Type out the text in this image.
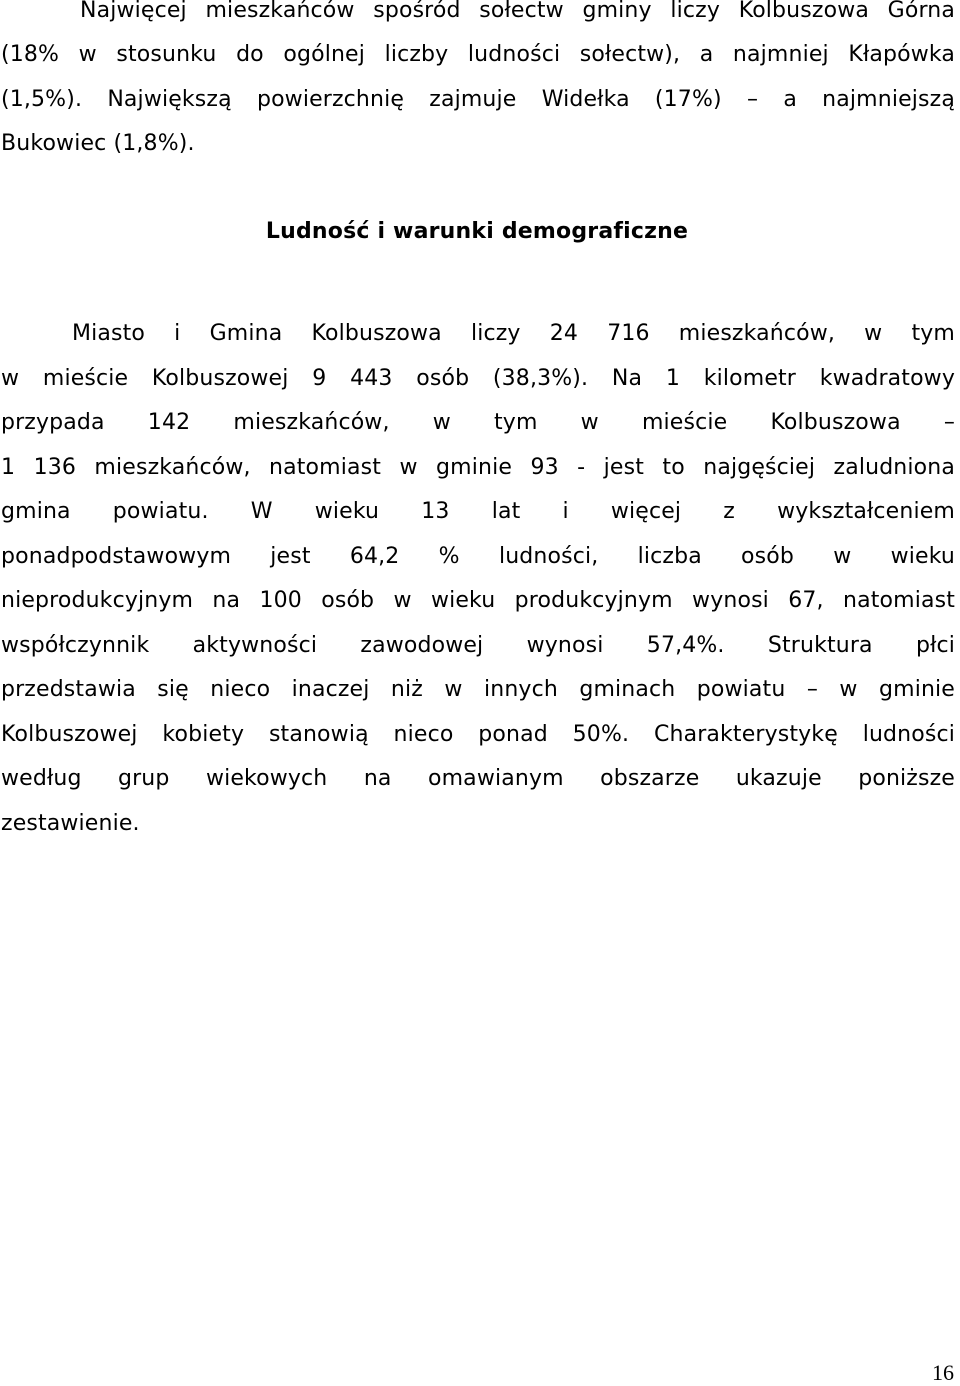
Najwięcej mieszkańców spośród sołectw gminy liczy Kolbuszowa Górna
(18% w stosunku do ogólnej liczby ludności sołectw), a najmniej Kłapówka
(1,5%). Największą powierzchnię zajmuje Widełka (17%) – a najmniejszą
Bukowiec (1,8%).
Ludność i warunki demograficzne
Miasto i Gmina Kolbuszowa liczy 24 716 mieszkańców, w tym
w mieście Kolbuszowej 9 443 osób (38,3%). Na 1 kilometr kwadratowy
przypada 142 mieszkańców, w tym w mieście Kolbuszowa –
1 136 mieszkańców, natomiast w gminie 93 - jest to najgęściej zaludniona
gmina powiatu. W wieku 13 lat i więcej z wykształceniem
ponadpodstawowym jest 64,2 % ludności, liczba osób w wieku
nieprodukcyjnym na 100 osób w wieku produkcyjnym wynosi 67, natomiast
współczynnik aktywności zawodowej wynosi 57,4%. Struktura płci
przedstawia się nieco inaczej niż w innych gminach powiatu – w gminie
Kolbuszowej kobiety stanowią nieco ponad 50%. Charakterystykę ludności
według grup wiekowych na omawianym obszarze ukazuje poniższe
zestawienie.
16
